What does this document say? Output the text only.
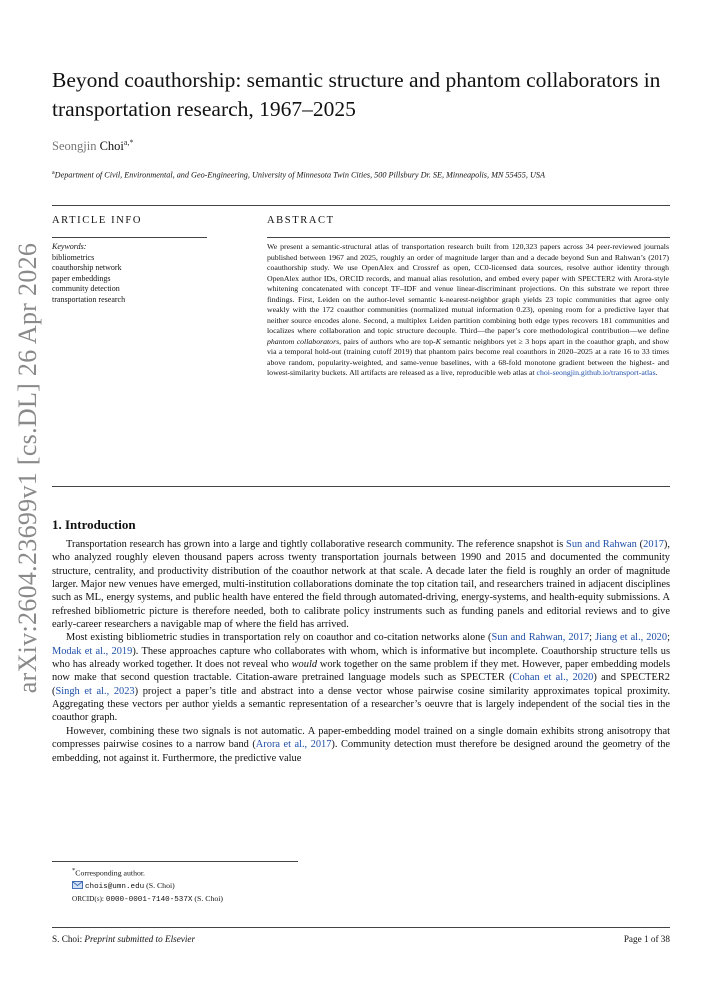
arXiv:2604.23699v1 [cs.DL] 26 Apr 2026
Beyond coauthorship: semantic structure and phantom collaborators in transportation research, 1967–2025
Seongjin Choi$^{a,*}$
$^a$Department of Civil, Environmental, and Geo-Engineering, University of Minnesota Twin Cities, 500 Pillsbury Dr. SE, Minneapolis, MN 55455, USA
ARTICLE INFO	ABSTRACT
Keywords:
bibliometrics
coauthorship network
paper embeddings
community detection
transportation research
We present a semantic-structural atlas of transportation research built from 120,323 papers across 34 peer-reviewed journals published between 1967 and 2025, roughly an order of magnitude larger than and a decade beyond Sun and Rahwan’s (2017) coauthorship study. We use OpenAlex and Crossref as open, CC0-licensed data sources, resolve author identity through OpenAlex author IDs, ORCID records, and manual alias resolution, and embed every paper with SPECTER2 with Arora-style whitening concatenated with concept TF–IDF and venue linear-discriminant projections. On this substrate we report three findings. First, Leiden on the author-level semantic k-nearest-neighbor graph yields 23 topic communities that agree only weakly with the 172 coauthor communities (normalized mutual information 0.23), opening room for a predictive layer that neither source encodes alone. Second, a multiplex Leiden partition combining both edge types recovers 181 communities and localizes where collaboration and topic structure decouple. Third—the paper’s core methodological contribution—we define phantom collaborators, pairs of authors who are top-K semantic neighbors yet ≥ 3 hops apart in the coauthor graph, and show via a temporal hold-out (training cutoff 2019) that phantom pairs become real coauthors in 2020–2025 at a rate 16 to 33 times above random, popularity-weighted, and same-venue baselines, with a 68-fold monotone gradient between the highest- and lowest-similarity buckets. All artifacts are released as a live, reproducible web atlas at choi-seongjin.github.io/transport-atlas.
1. Introduction

Transportation research has grown into a large and tightly collaborative research community. The reference snapshot is Sun and Rahwan (2017), who analyzed roughly eleven thousand papers across twenty transportation journals between 1990 and 2015 and documented the community structure, centrality, and productivity distribution of the coauthor network at that scale. A decade later the field is roughly an order of magnitude larger. Major new venues have emerged, multi-institution collaborations dominate the top citation tail, and researchers trained in adjacent disciplines such as ML, energy systems, and public health have entered the field through automated-driving, energy-systems, and health-equity submissions. A refreshed bibliometric picture is therefore needed, both to calibrate policy instruments such as funding panels and editorial reviews and to give early-career researchers a navigable map of where the field has arrived.

Most existing bibliometric studies in transportation rely on coauthor and co-citation networks alone (Sun and Rahwan, 2017; Jiang et al., 2020; Modak et al., 2019). These approaches capture who collaborates with whom, which is informative but incomplete. Coauthorship structure tells us who has already worked together. It does not reveal who would work together on the same problem if they met. However, paper embedding models now make that second question tractable. Citation-aware pretrained language models such as SPECTER (Cohan et al., 2020) and SPECTER2 (Singh et al., 2023) project a paper’s title and abstract into a dense vector whose pairwise cosine similarity approximates topical proximity. Aggregating these vectors per author yields a semantic representation of a researcher’s oeuvre that is largely independent of the social ties in the coauthor graph.

However, combining these two signals is not automatic. A paper-embedding model trained on a single domain exhibits strong anisotropy that compresses pairwise cosines to a narrow band (Arora et al., 2017). Community detection must therefore be designed around the geometry of the embedding, not against it. Furthermore, the predictive value

*Corresponding author.
chois@umn.edu (S. Choi)
ORCID(s): 0000-0001-7140-537X (S. Choi)
S. Choi: Preprint submitted to Elsevier	Page 1 of 38
